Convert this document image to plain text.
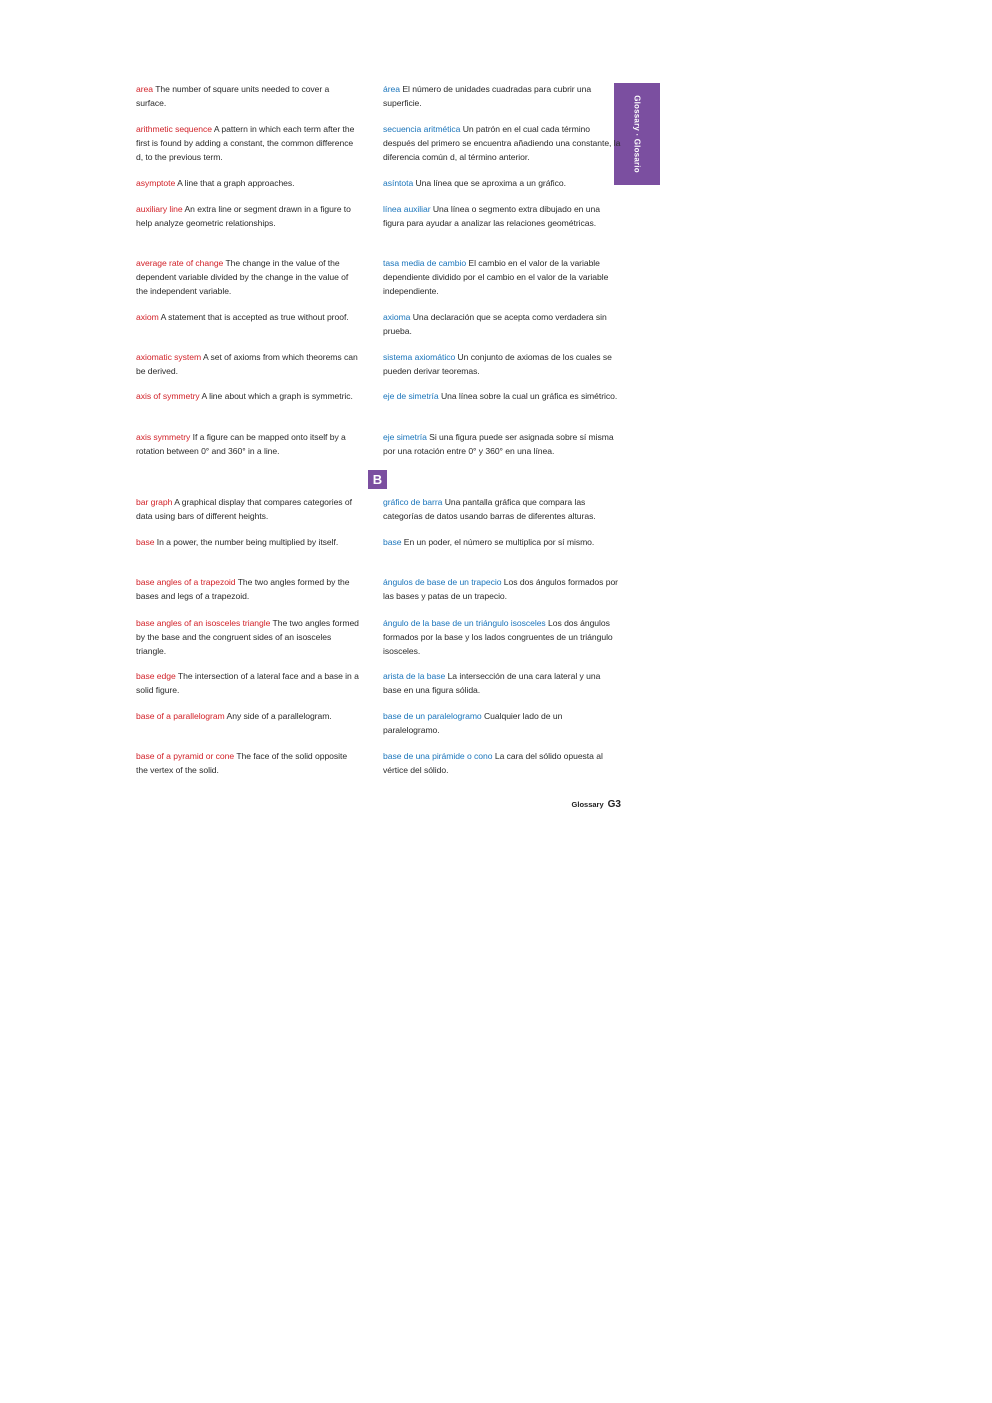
Glossary · Glosario

area The number of square units needed to cover a surface.

arithmetic sequence A pattern in which each term after the first is found by adding a constant, the common difference d, to the previous term.

asymptote A line that a graph approaches.

auxiliary line An extra line or segment drawn in a figure to help analyze geometric relationships.

average rate of change The change in the value of the dependent variable divided by the change in the value of the independent variable.

axiom A statement that is accepted as true without proof.

axiomatic system A set of axioms from which theorems can be derived.

axis of symmetry A line about which a graph is symmetric.

axis symmetry If a figure can be mapped onto itself by a rotation between 0° and 360° in a line.

bar graph A graphical display that compares categories of data using bars of different heights.

base In a power, the number being multiplied by itself.

base angles of a trapezoid The two angles formed by the bases and legs of a trapezoid.

base angles of an isosceles triangle The two angles formed by the base and the congruent sides of an isosceles triangle.

base edge The intersection of a lateral face and a base in a solid figure.

base of a parallelogram Any side of a parallelogram.

base of a pyramid or cone The face of the solid opposite the vertex of the solid.

área El número de unidades cuadradas para cubrir una superficie.

secuencia aritmética Un patrón en el cual cada término después del primero se encuentra añadiendo una constante, la diferencia común d, al término anterior.

asíntota Una línea que se aproxima a un gráfico.

línea auxiliar Una línea o segmento extra dibujado en una figura para ayudar a analizar las relaciones geométricas.

tasa media de cambio El cambio en el valor de la variable dependiente dividido por el cambio en el valor de la variable independiente.

axioma Una declaración que se acepta como verdadera sin prueba.

sistema axiomático Un conjunto de axiomas de los cuales se pueden derivar teoremas.

eje de simetría Una línea sobre la cual un gráfica es simétrico.

eje simetría Si una figura puede ser asignada sobre sí misma por una rotación entre 0° y 360° en una línea.

gráfico de barra Una pantalla gráfica que compara las categorías de datos usando barras de diferentes alturas.

base En un poder, el número se multiplica por sí mismo.

ángulos de base de un trapecio Los dos ángulos formados por las bases y patas de un trapecio.

ángulo de la base de un triángulo isosceles Los dos ángulos formados por la base y los lados congruentes de un triángulo isosceles.

arista de la base La intersección de una cara lateral y una base en una figura sólida.

base de un paralelogramo Cualquier lado de un paralelogramo.

base de una pirámide o cono La cara del sólido opuesta al vértice del sólido.

B
Glossary G3
